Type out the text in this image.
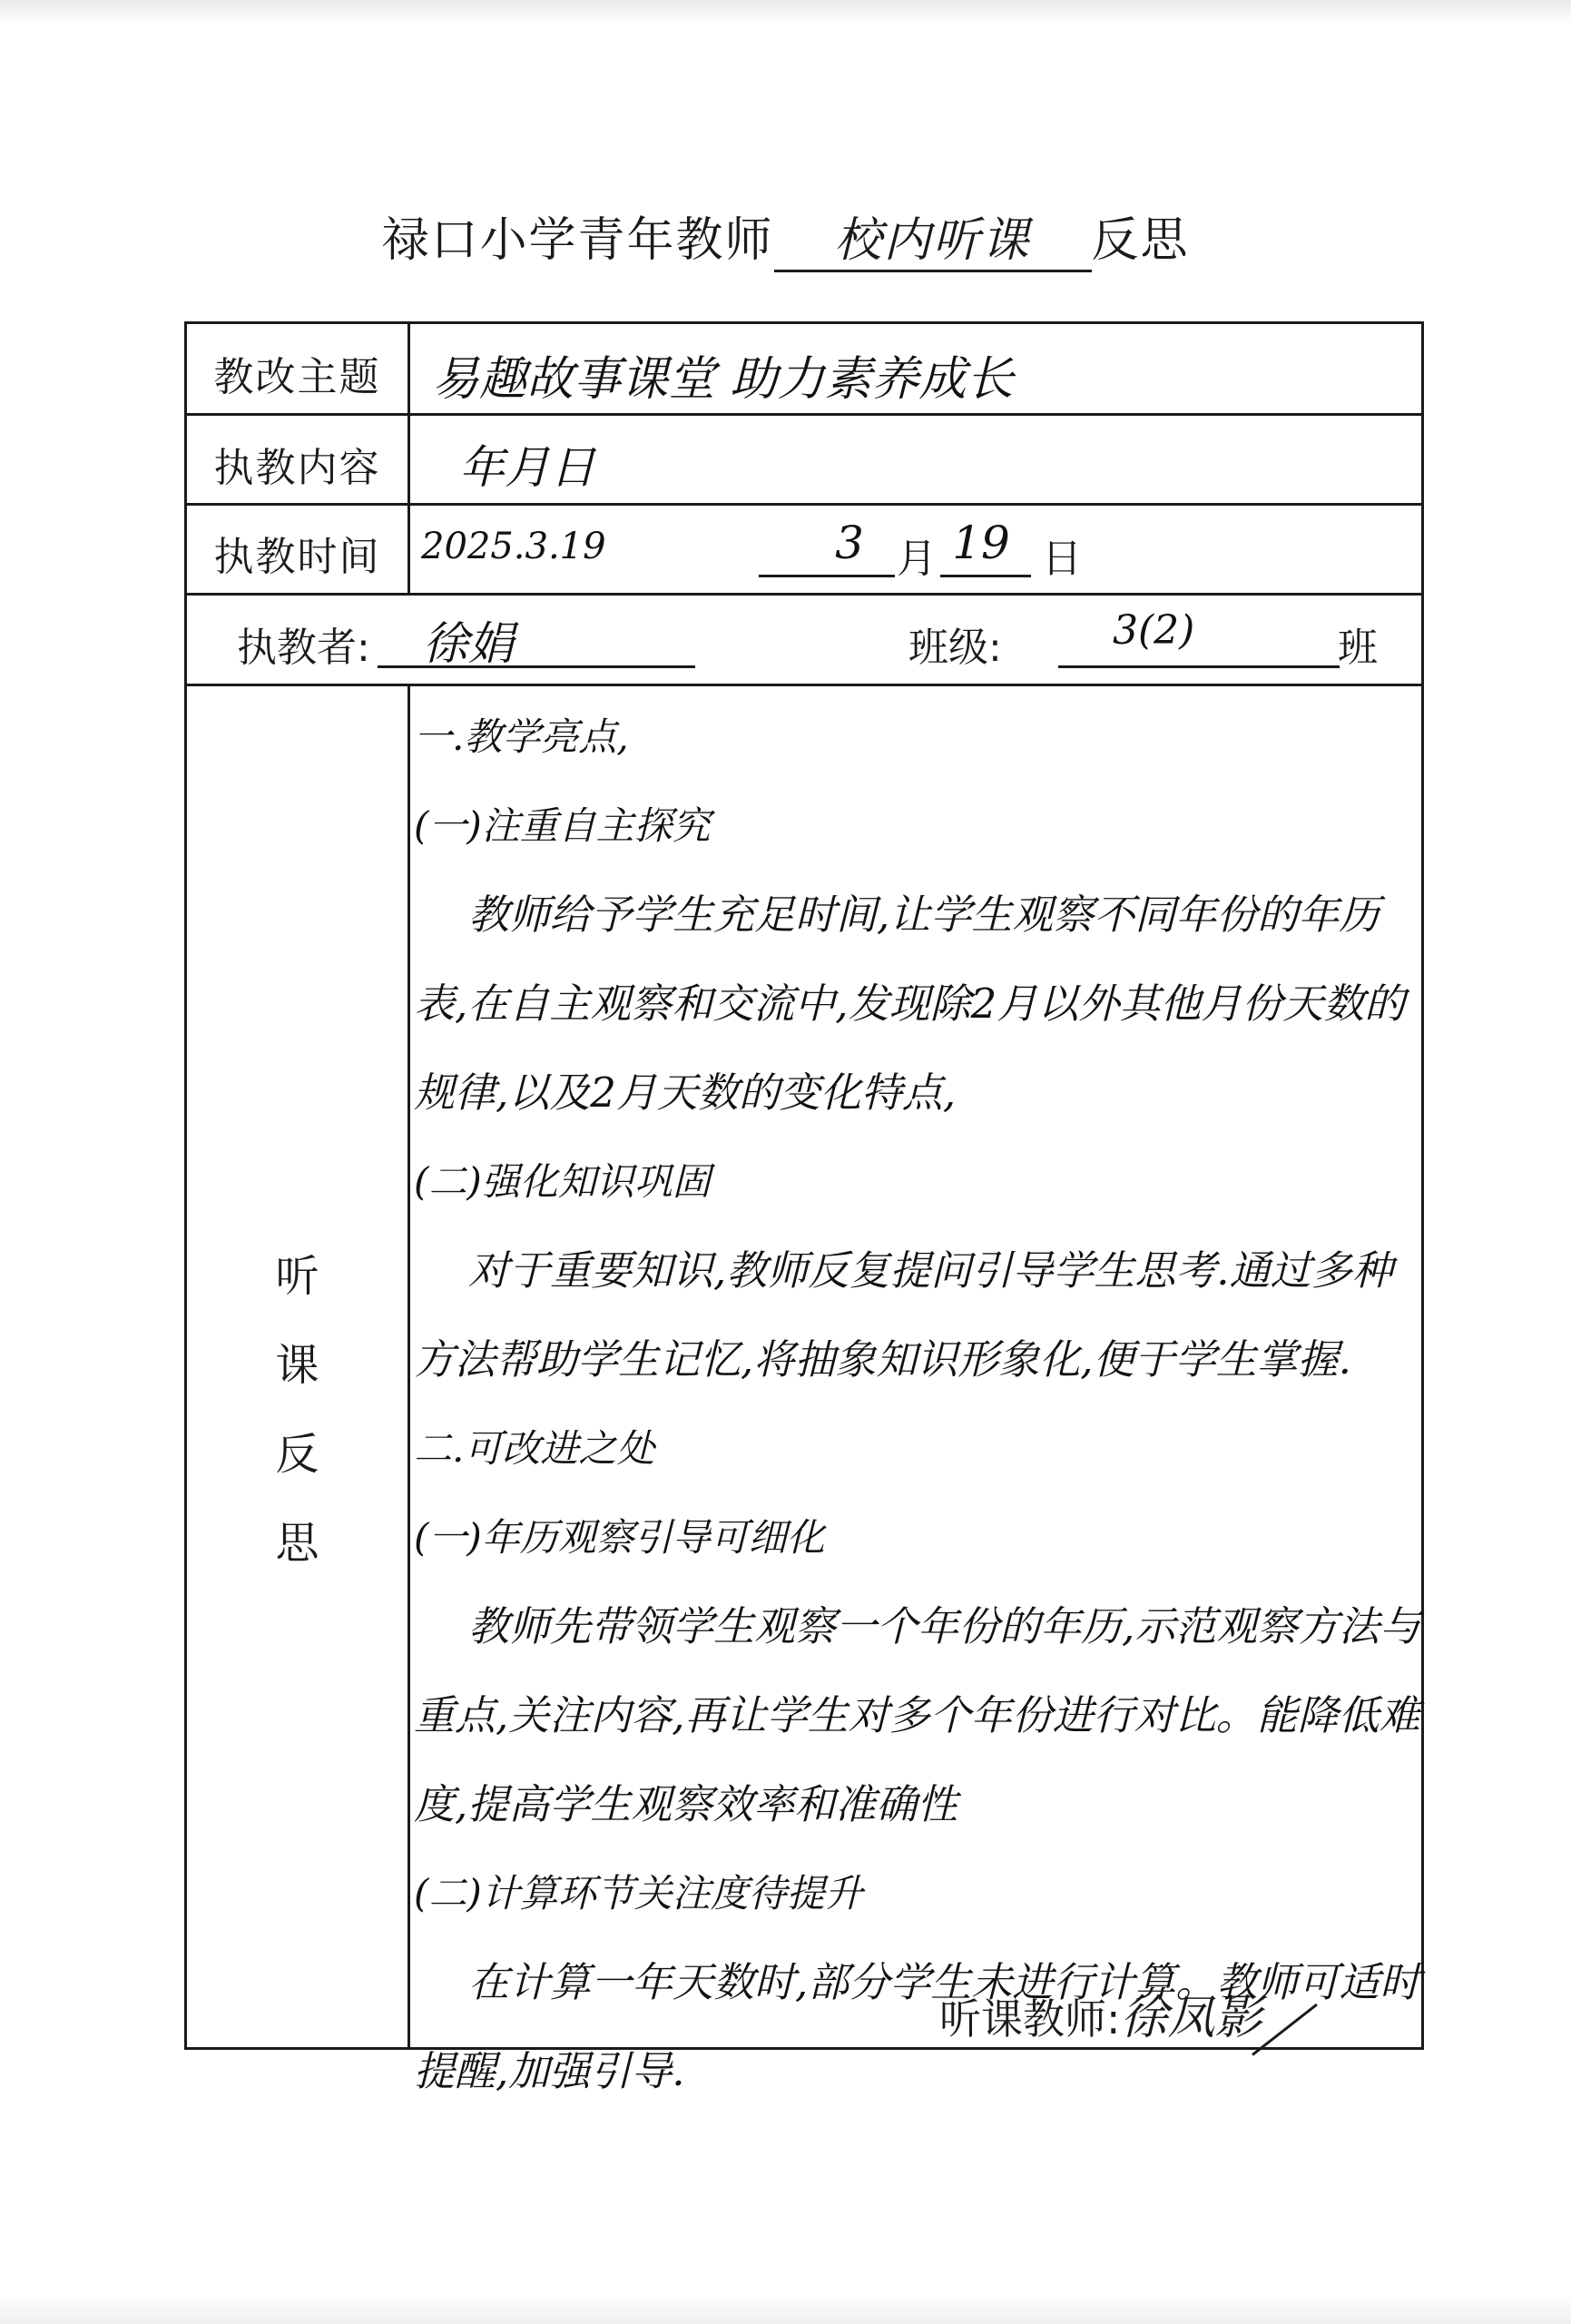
禄口小学青年教师 校内听课 反思
教改主题	易趣故事课堂 助力素养成长
执教内容	年月日
执教时间	2025.3.19	3 月 19 日
执教者:	徐娟	班级:	3(2)	班
听
课
反
思

一.教学亮点,

(一)注重自主探究

教师给予学生充足时间,让学生观察不同年份的年历表,在自主观察和交流中,发现除2月以外其他月份天数的规律,以及2月天数的变化特点,

(二)强化知识巩固

对于重要知识,教师反复提问引导学生思考.通过多种方法帮助学生记忆,将抽象知识形象化,便于学生掌握.

二.可改进之处

(一)年历观察引导可细化

教师先带领学生观察一个年份的年历,示范观察方法与重点,关注内容,再让学生对多个年份进行对比。能降低难度,提高学生观察效率和准确性

(二)计算环节关注度待提升

在计算一年天数时,部分学生未进行计算。教师可适时提醒,加强引导.

听课教师:徐凤影
